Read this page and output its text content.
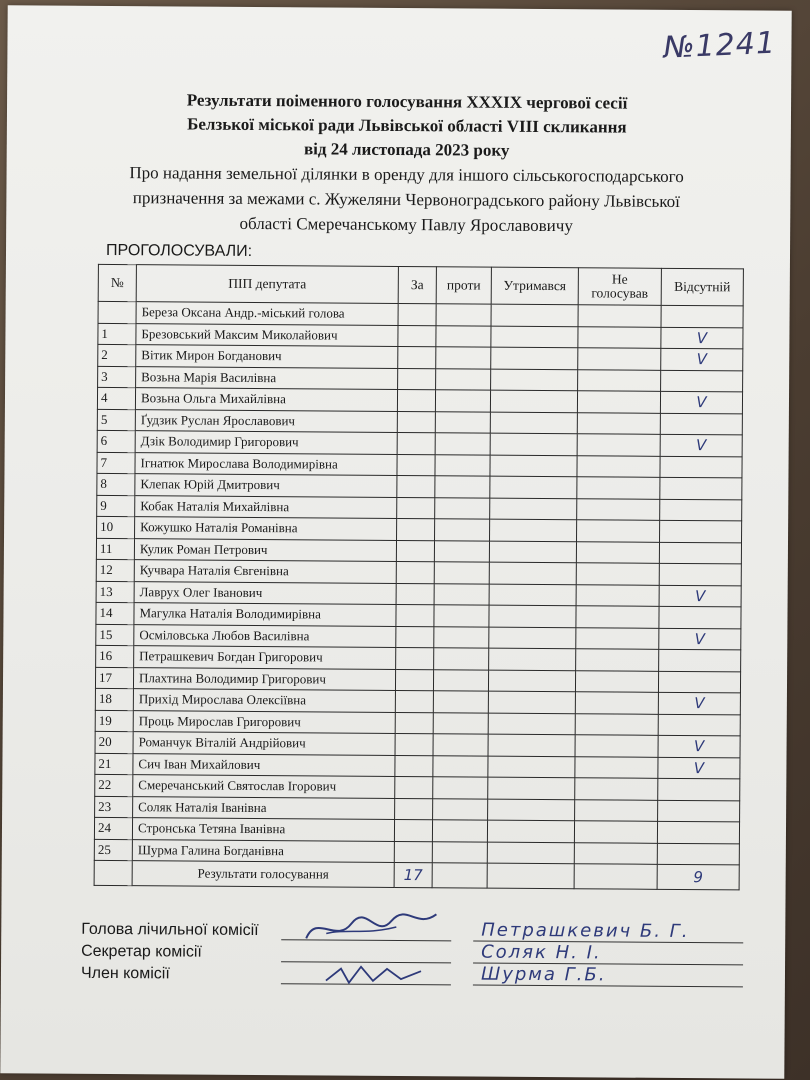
№1241

Результати поіменного голосування XXXIX чергової сесії

Белзької міської ради Львівської області VIII скликання

від 24 листопада 2023 року

Про надання земельної ділянки в оренду для іншого сільськогосподарського

призначення за межами с. Жужеляни Червоноградського району Львівської

області Смеречанському Павлу Ярославовичу

ПРОГОЛОСУВАЛИ:
№	ПІП депутата	За	проти	Утримався	Не голосував	Відсутній
	Береза Оксана Андр.-міський голова					
1	Брезовський Максим Миколайович					V
2	Вітик Мирон Богданович					V
3	Возьна Марія Василівна					
4	Возьна Ольга Михайлівна					V
5	Ґудзик Руслан Ярославович					
6	Дзік Володимир Григорович					V
7	Ігнатюк Мирослава Володимирівна					
8	Клепак Юрій Дмитрович					
9	Кобак Наталія Михайлівна					
10	Кожушко Наталія Романівна					
11	Кулик Роман Петрович					
12	Кучвара Наталія Євгенівна					
13	Лаврух Олег Іванович					V
14	Магулка Наталія Володимирівна					
15	Осміловська Любов Василівна					V
16	Петрашкевич Богдан Григорович					
17	Плахтина Володимир Григорович					
18	Прихід Мирослава Олексіївна					V
19	Проць Мирослав Григорович					
20	Романчук Віталій Андрійович					V
21	Сич Іван Михайлович					V
22	Смеречанський Святослав Ігорович					
23	Соляк Наталія Іванівна					
24	Стронська Тетяна Іванівна					
25	Шурма Галина Богданівна					
	Результати голосування	17				9
Голова лічильної комісії	Петрашкевич Б. Г.
Секретар комісії	Соляк Н. І.
Член комісії	Шурма Г.Б.
